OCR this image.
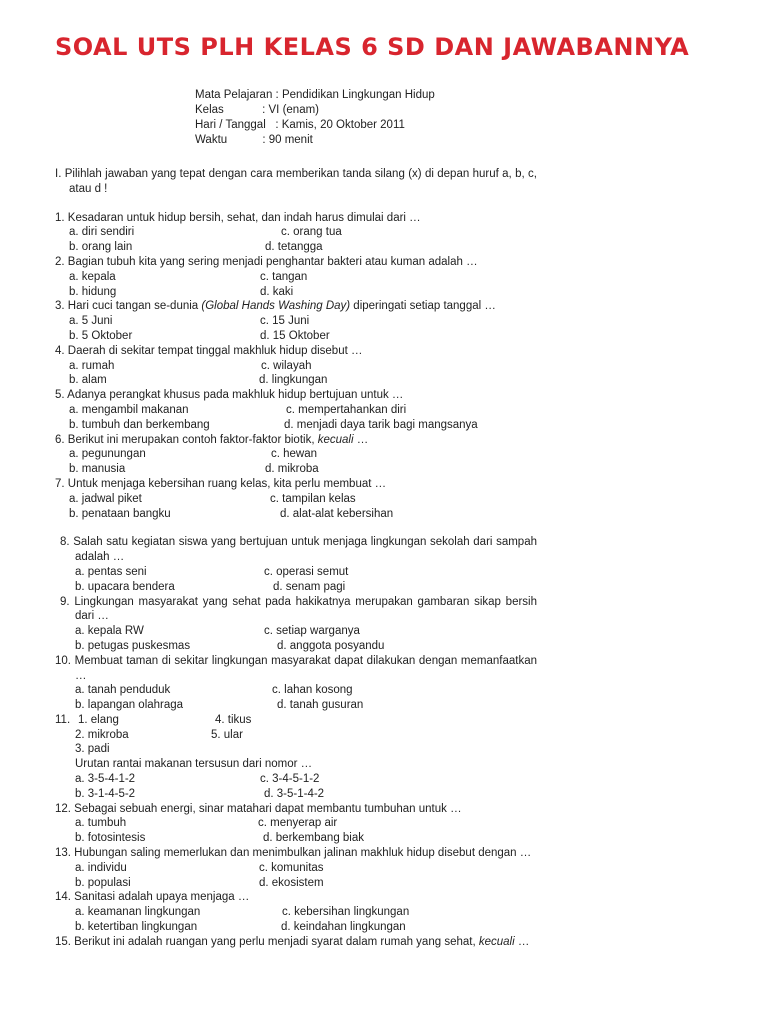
SOAL UTS PLH KELAS 6 SD DAN JAWABANNYA
Mata Pelajaran : Pendidikan Lingkungan Hidup
Kelas            : VI (enam)
Hari / Tanggal   : Kamis, 20 Oktober 2011
Waktu           : 90 menit

I. Pilihlah jawaban yang tepat dengan cara memberikan tanda silang (x) di depan huruf a, b, c, atau d !

1. Kesadaran untuk hidup bersih, sehat, dan indah harus dimulai dari …

a. diri sendiri	c. orang tua
b. orang lain	d. tetangga

2. Bagian tubuh kita yang sering menjadi penghantar bakteri atau kuman adalah …

a. kepala	c. tangan
b. hidung	d. kaki

3. Hari cuci tangan se-dunia (Global Hands Washing Day) diperingati setiap tanggal …

a. 5 Juni	c. 15 Juni
b. 5 Oktober	d. 15 Oktober

4. Daerah di sekitar tempat tinggal makhluk hidup disebut …

a. rumah	c. wilayah
b. alam	d. lingkungan

5. Adanya perangkat khusus pada makhluk hidup bertujuan untuk …

a. mengambil makanan	c. mempertahankan diri
b. tumbuh dan berkembang	d. menjadi daya tarik bagi mangsanya

6. Berikut ini merupakan contoh faktor-faktor biotik, kecuali …

a. pegunungan	c. hewan
b. manusia	d. mikroba

7. Untuk menjaga kebersihan ruang kelas, kita perlu membuat …

a. jadwal piket	c. tampilan kelas
b. penataan bangku	d. alat-alat kebersihan

8. Salah satu kegiatan siswa yang bertujuan untuk menjaga lingkungan sekolah dari sampah adalah …

a. pentas seni	c. operasi semut
b. upacara bendera	d. senam pagi

9. Lingkungan masyarakat yang sehat pada hakikatnya merupakan gambaran sikap bersih dari …

a. kepala RW	c. setiap warganya
b. petugas puskesmas	d. anggota posyandu

10. Membuat taman di sekitar lingkungan masyarakat dapat dilakukan dengan memanfaatkan …

a. tanah penduduk	c. lahan kosong
b. lapangan olahraga	d. tanah gusuran
11. 1. elang	4. tikus
2. mikroba	5. ular
3. padi

Urutan rantai makanan tersusun dari nomor …

a. 3-5-4-1-2	c. 3-4-5-1-2
b. 3-1-4-5-2	d. 3-5-1-4-2

12. Sebagai sebuah energi, sinar matahari dapat membantu tumbuhan untuk …

a. tumbuh	c. menyerap air
b. fotosintesis	d. berkembang biak

13. Hubungan saling memerlukan dan menimbulkan jalinan makhluk hidup disebut dengan …

a. individu	c. komunitas
b. populasi	d. ekosistem

14. Sanitasi adalah upaya menjaga …

a. keamanan lingkungan	c. kebersihan lingkungan
b. ketertiban lingkungan	d. keindahan lingkungan

15. Berikut ini adalah ruangan yang perlu menjadi syarat dalam rumah yang sehat, kecuali …
